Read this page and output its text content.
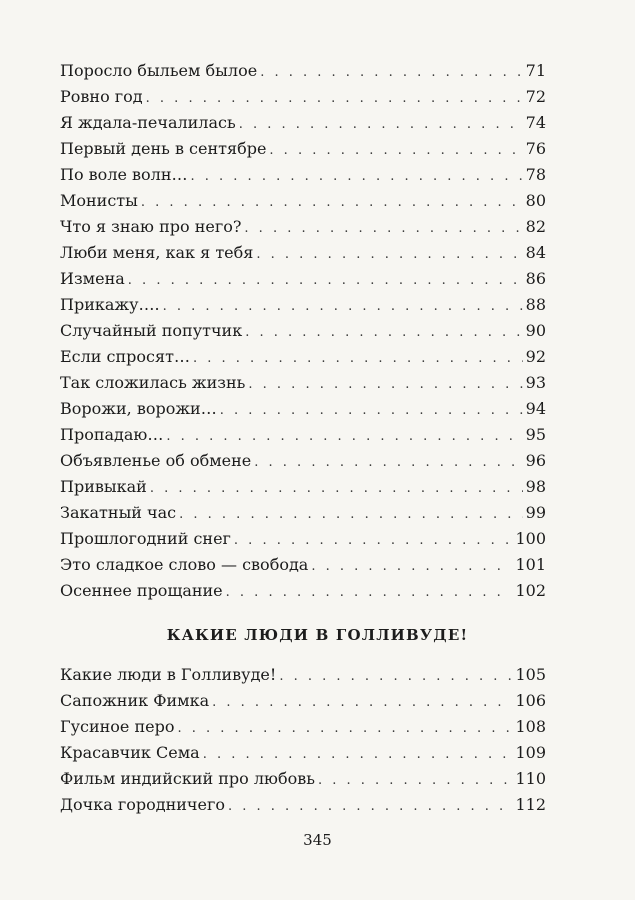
Поросло быльем былое . . .	71
Ровно год . . .	72
Я ждала-печалилась . . .	74
Первый день в сентябре . . .	76
По воле волн… . . .	78
Монисты . . .	80
Что я знаю про него? . . .	82
Люби меня, как я тебя . . .	84
Измена . . .	86
Прикажу…. . . .	88
Случайный попутчик . . .	90
Если спросят… . . .	92
Так сложилась жизнь . . .	93
Ворожи, ворожи… . . .	94
Пропадаю… . . .	95
Объявленье об обмене . . .	96
Привыкай . . .	98
Закатный час . . .	99
Прошлогодний снег . . .	100
Это сладкое слово — свобода . . .	101
Осеннее прощание . . .	102
КАКИЕ ЛЮДИ В ГОЛЛИВУДЕ!
Какие люди в Голливуде! . . .	105
Сапожник Фимка . . .	106
Гусиное перо . . .	108
Красавчик Сема . . .	109
Фильм индийский про любовь . . .	110
Дочка городничего . . .	112
345
